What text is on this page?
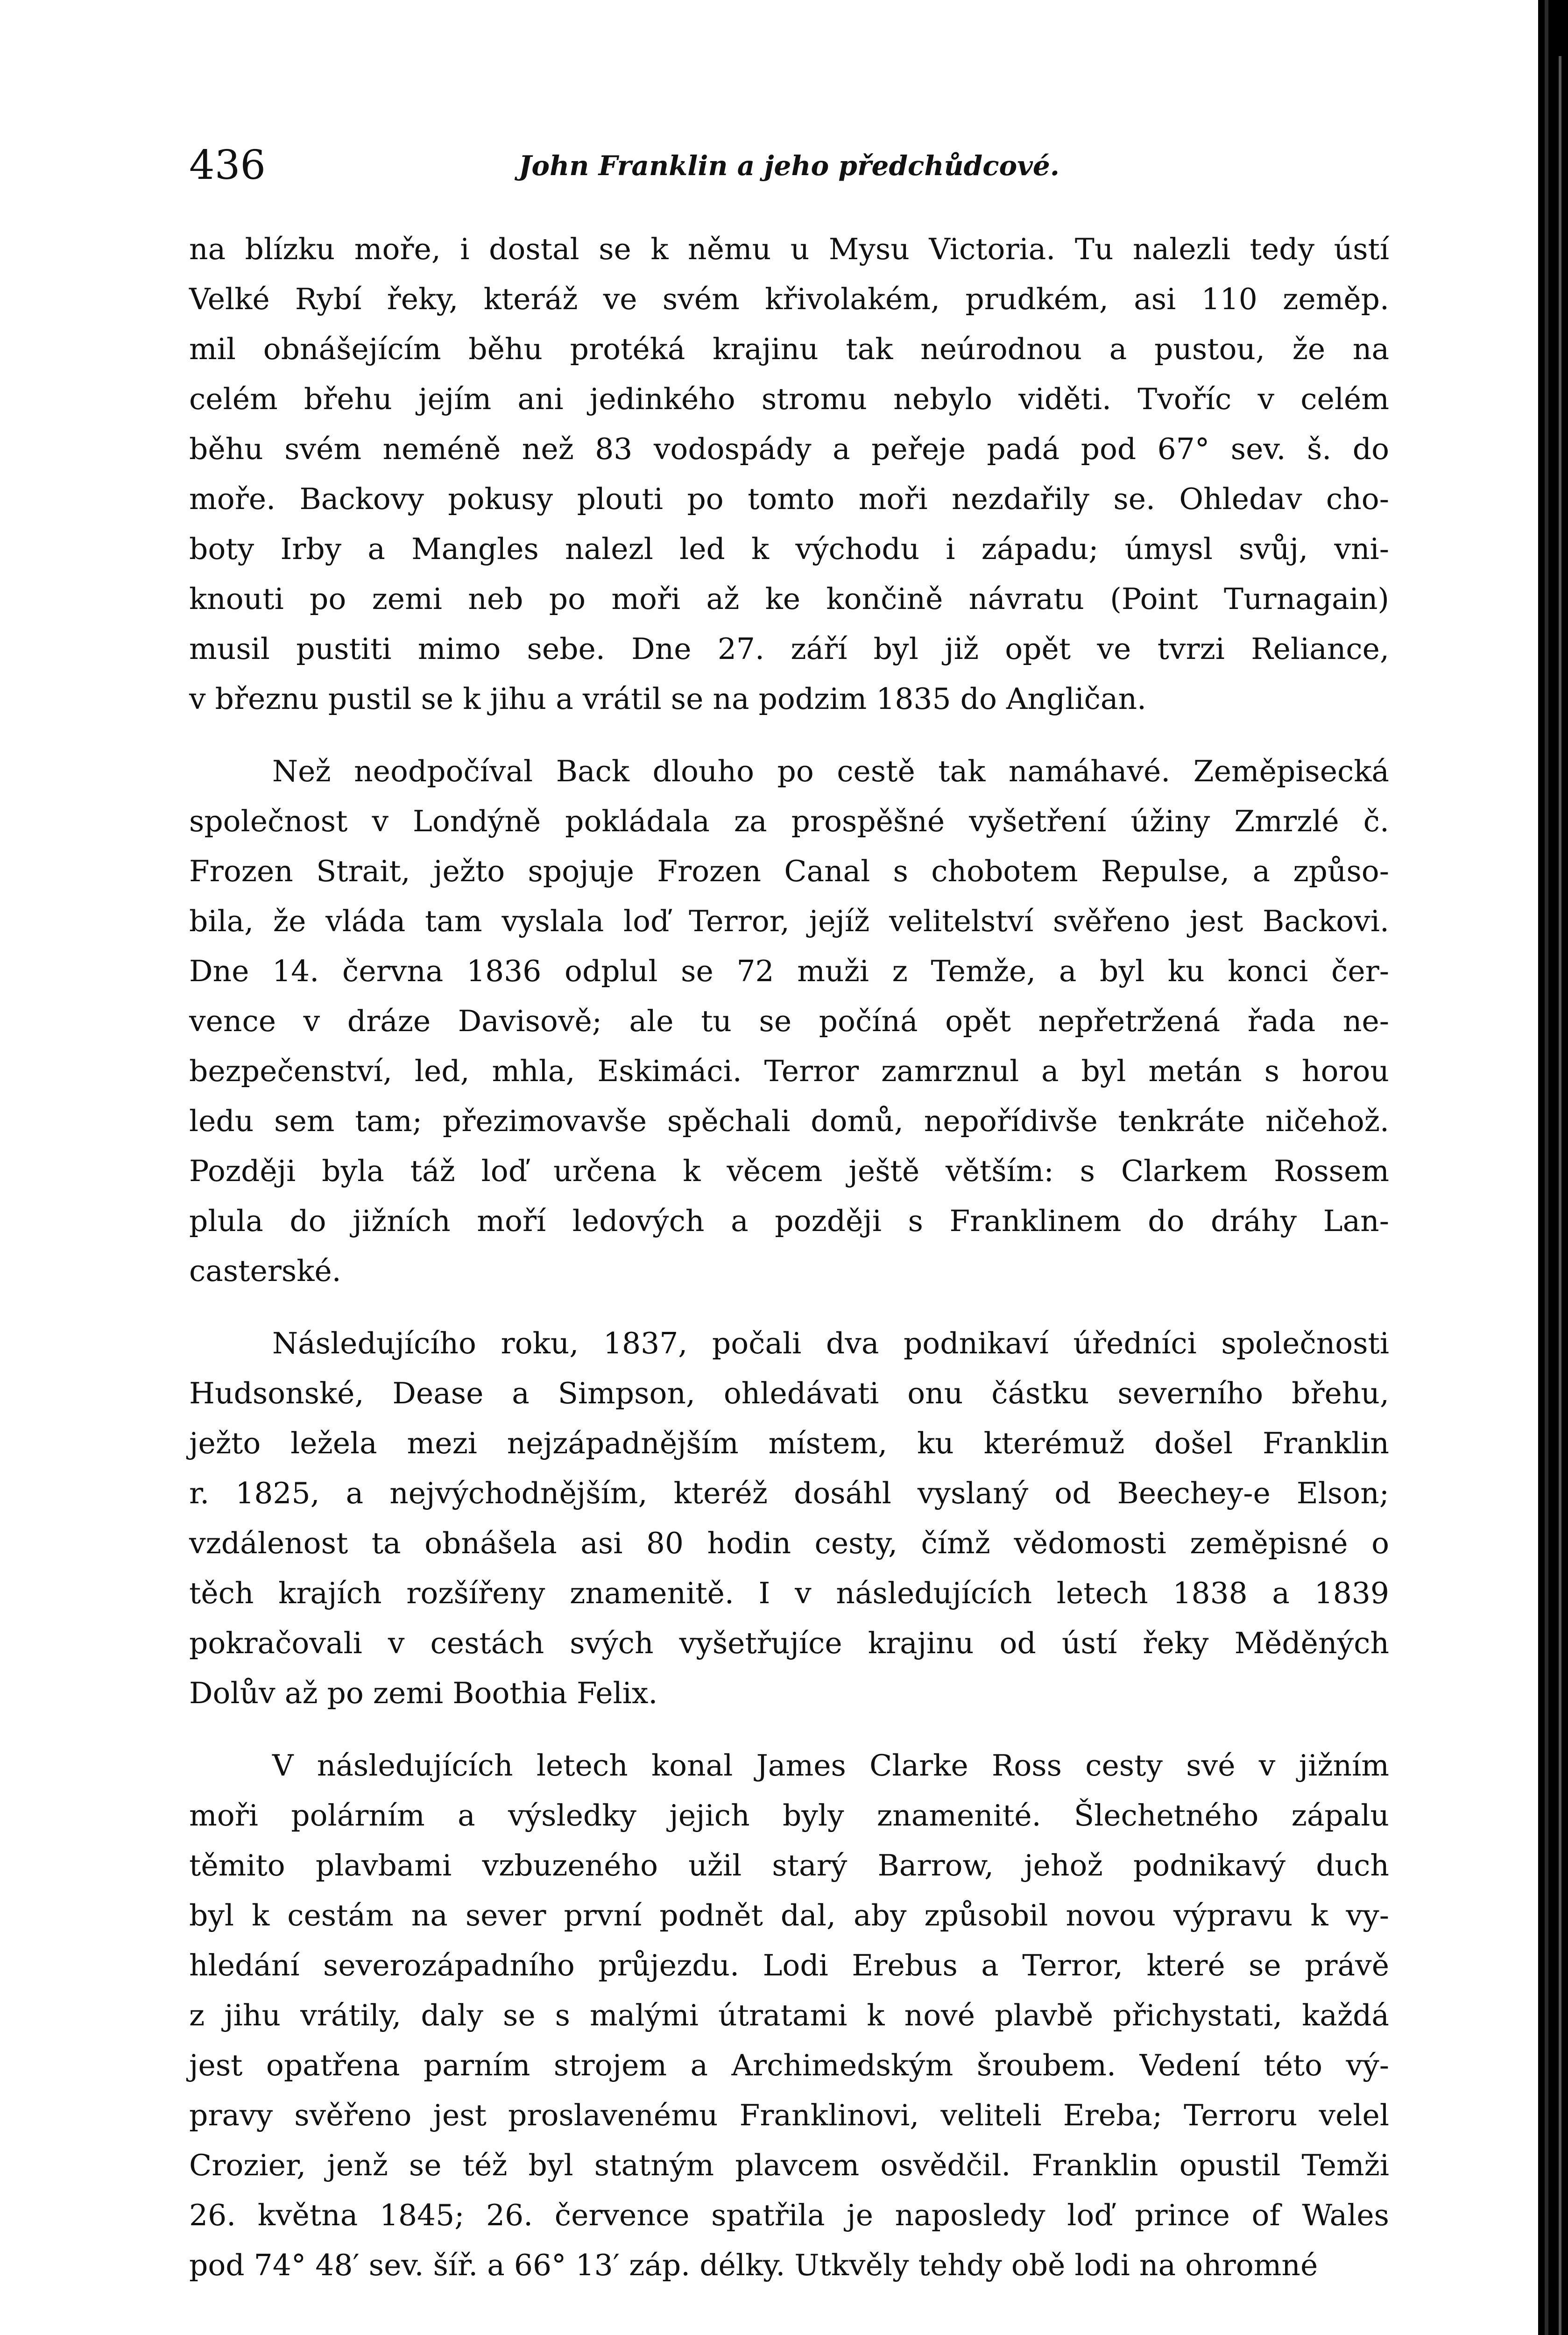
436	John Franklin a jeho předchůdcové.
na blízku moře, i dostal se k němu u Mysu Victoria. Tu nalezli tedy ústí
Velké Rybí řeky, kteráž ve svém křivolakém, prudkém, asi 110 zeměp.
mil obnášejícím běhu protéká krajinu tak neúrodnou a pustou, že na
celém břehu jejím ani jedinkého stromu nebylo viděti. Tvoříc v celém
běhu svém neméně než 83 vodospády a peřeje padá pod 67° sev. š. do
moře. Backovy pokusy plouti po tomto moři nezdařily se. Ohledav cho-
boty Irby a Mangles nalezl led k východu i západu; úmysl svůj, vni-
knouti po zemi neb po moři až ke končině návratu (Point Turnagain)
musil pustiti mimo sebe. Dne 27. září byl již opět ve tvrzi Reliance,
v březnu pustil se k jihu a vrátil se na podzim 1835 do Angličan.
Než neodpočíval Back dlouho po cestě tak namáhavé. Zeměpisecká
společnost v Londýně pokládala za prospěšné vyšetření úžiny Zmrzlé č.
Frozen Strait, ježto spojuje Frozen Canal s chobotem Repulse, a způso-
bila, že vláda tam vyslala loď Terror, jejíž velitelství svěřeno jest Backovi.
Dne 14. června 1836 odplul se 72 muži z Temže, a byl ku konci čer-
vence v dráze Davisově; ale tu se počíná opět nepřetržená řada ne-
bezpečenství, led, mhla, Eskimáci. Terror zamrznul a byl metán s horou
ledu sem tam; přezimovavše spěchali domů, nepořídivše tenkráte ničehož.
Později byla táž loď určena k věcem ještě větším: s Clarkem Rossem
plula do jižních moří ledových a později s Franklinem do dráhy Lan-
casterské.
Následujícího roku, 1837, počali dva podnikaví úředníci společnosti
Hudsonské, Dease a Simpson, ohledávati onu částku severního břehu,
ježto ležela mezi nejzápadnějším místem, ku kterémuž došel Franklin
r. 1825, a nejvýchodnějším, kteréž dosáhl vyslaný od Beechey-e Elson;
vzdálenost ta obnášela asi 80 hodin cesty, čímž vědomosti zeměpisné o
těch krajích rozšířeny znamenitě. I v následujících letech 1838 a 1839
pokračovali v cestách svých vyšetřujíce krajinu od ústí řeky Měděných
Dolův až po zemi Boothia Felix.
V následujících letech konal James Clarke Ross cesty své v jižním
moři polárním a výsledky jejich byly znamenité. Šlechetného zápalu
těmito plavbami vzbuzeného užil starý Barrow, jehož podnikavý duch
byl k cestám na sever první podnět dal, aby způsobil novou výpravu k vy-
hledání severozápadního průjezdu. Lodi Erebus a Terror, které se právě
z jihu vrátily, daly se s malými útratami k nové plavbě přichystati, každá
jest opatřena parním strojem a Archimedským šroubem. Vedení této vý-
pravy svěřeno jest proslavenému Franklinovi, veliteli Ereba; Terroru velel
Crozier, jenž se též byl statným plavcem osvědčil. Franklin opustil Temži
26. května 1845; 26. července spatřila je naposledy loď prince of Wales
pod 74° 48′ sev. šíř. a 66° 13′ záp. délky. Utkvěly tehdy obě lodi na ohromné
